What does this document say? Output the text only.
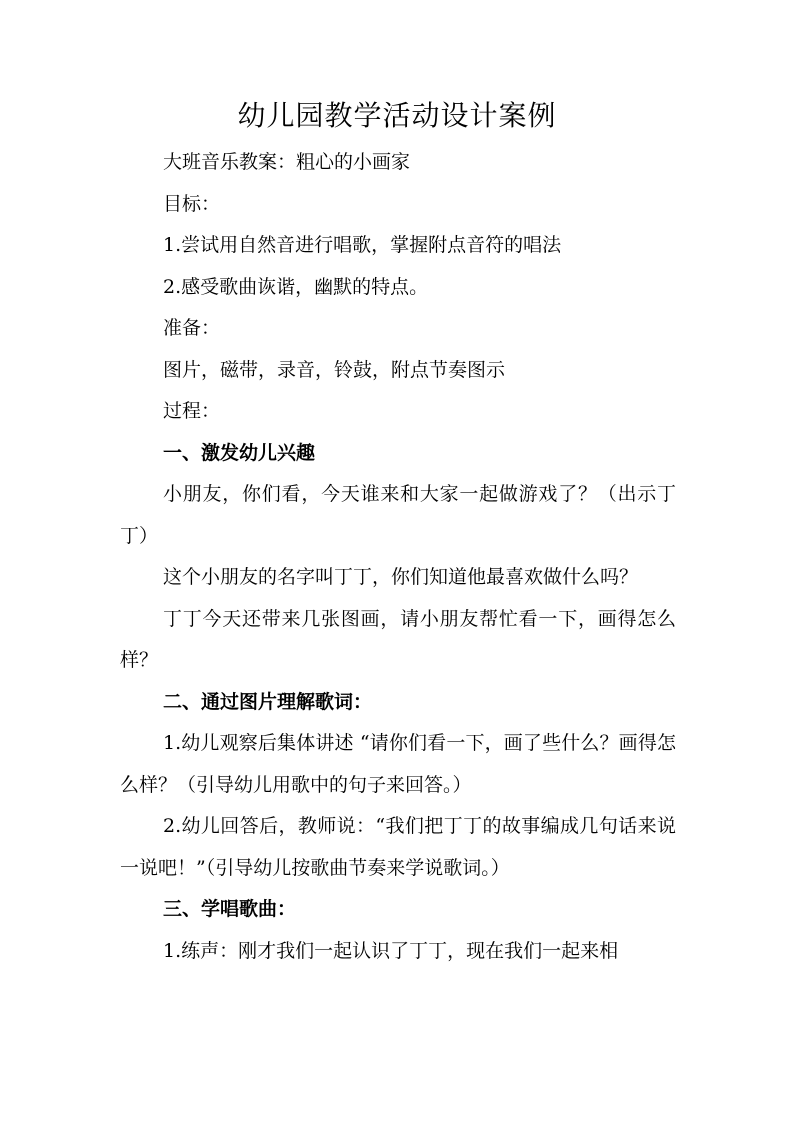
幼儿园教学活动设计案例

大班音乐教案：粗心的小画家

目标：

1.尝试用自然音进行唱歌，掌握附点音符的唱法

2.感受歌曲诙谐，幽默的特点。

准备：

图片，磁带，录音，铃鼓，附点节奏图示

过程：

一、激发幼儿兴趣

小朋友，你们看，今天谁来和大家一起做游戏了？（出示丁丁）

这个小朋友的名字叫丁丁，你们知道他最喜欢做什么吗？

丁丁今天还带来几张图画，请小朋友帮忙看一下，画得怎么样？

二、通过图片理解歌词：

1.幼儿观察后集体讲述 “请你们看一下，画了些什么？画得怎么样？（引导幼儿用歌中的句子来回答。）

2.幼儿回答后，教师说：“我们把丁丁的故事编成几句话来说一说吧！”（引导幼儿按歌曲节奏来学说歌词。）

三、学唱歌曲：

1.练声：刚才我们一起认识了丁丁，现在我们一起来相
